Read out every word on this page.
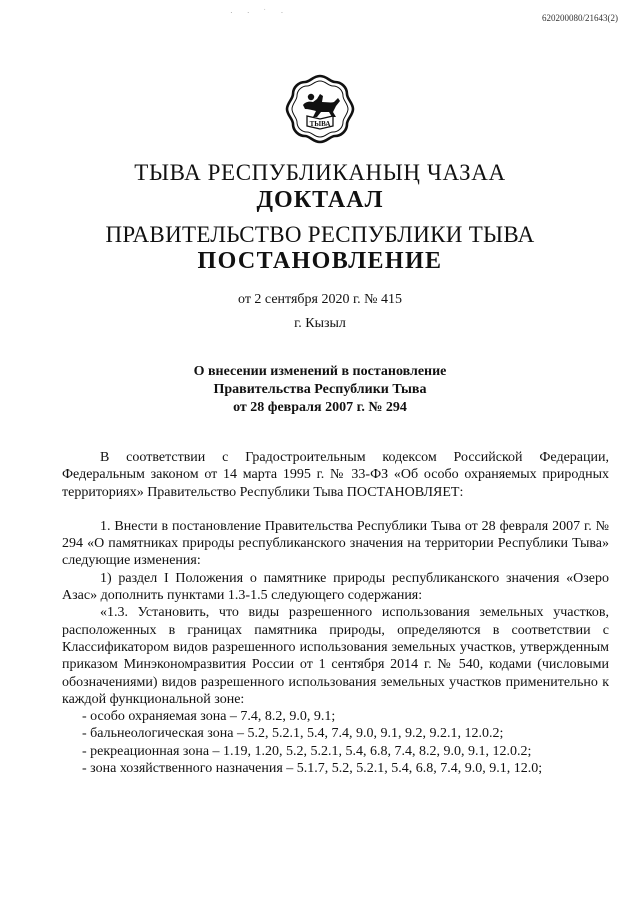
620200080/21643(2)
· · ˙ ·
ТЫВА
ТЫВА РЕСПУБЛИКАНЫҢ ЧАЗАА
ДОКТААЛ
ПРАВИТЕЛЬСТВО РЕСПУБЛИКИ ТЫВА
ПОСТАНОВЛЕНИЕ
от 2 сентября 2020 г. № 415
г. Кызыл
О внесении изменений в постановление
Правительства Республики Тыва
от 28 февраля 2007 г. № 294

В соответствии с Градостроительным кодексом Российской Федерации, Федеральным законом от 14 марта 1995 г. № 33-ФЗ «Об особо охраняемых природных территориях» Правительство Республики Тыва ПОСТАНОВЛЯЕТ:

1. Внести в постановление Правительства Республики Тыва от 28 февраля 2007 г. № 294 «О памятниках природы республиканского значения на территории Республики Тыва» следующие изменения:

1) раздел I Положения о памятнике природы республиканского значения «Озеро Азас» дополнить пунктами 1.3-1.5 следующего содержания:

«1.3. Установить, что виды разрешенного использования земельных участков, расположенных в границах памятника природы, определяются в соответствии с Классификатором видов разрешенного использования земельных участков, утвержденным приказом Минэкономразвития России от 1 сентября 2014 г. № 540, кодами (числовыми обозначениями) видов разрешенного использования земельных участков применительно к каждой функциональной зоне:

- особо охраняемая зона – 7.4, 8.2, 9.0, 9.1;

- бальнеологическая зона – 5.2, 5.2.1, 5.4, 7.4, 9.0, 9.1, 9.2, 9.2.1, 12.0.2;

- рекреационная зона – 1.19, 1.20, 5.2, 5.2.1, 5.4, 6.8, 7.4, 8.2, 9.0, 9.1, 12.0.2;

- зона хозяйственного назначения – 5.1.7, 5.2, 5.2.1, 5.4, 6.8, 7.4, 9.0, 9.1, 12.0;
